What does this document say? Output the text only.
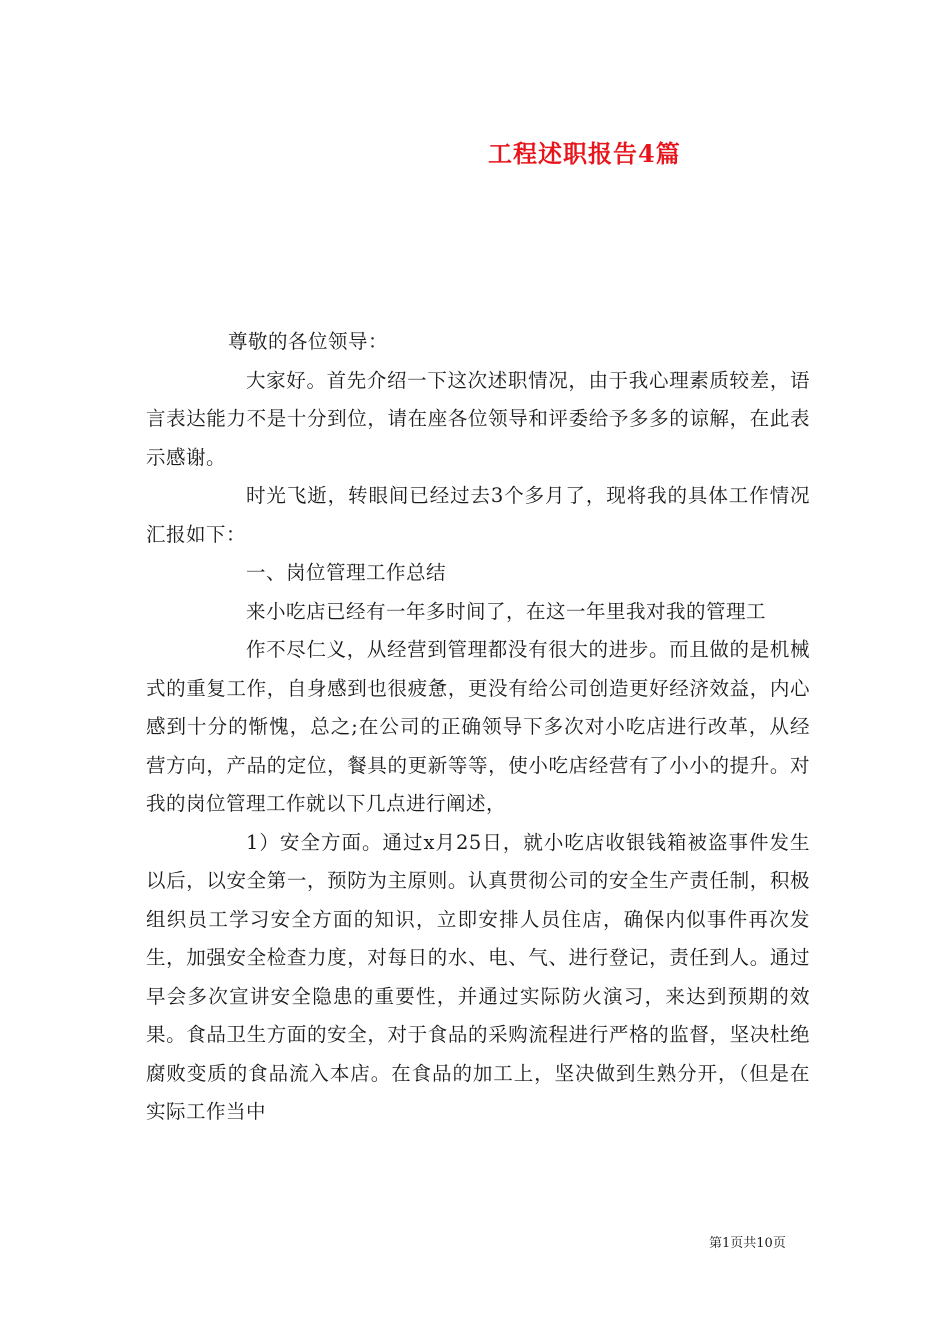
工程述职报告4篇

尊敬的各位领导：

大家好。首先介绍一下这次述职情况，由于我心理素质较差，语言表达能力不是十分到位，请在座各位领导和评委给予多多的谅解，在此表示感谢。

时光飞逝，转眼间已经过去3个多月了，现将我的具体工作情况汇报如下：

一、岗位管理工作总结

来小吃店已经有一年多时间了，在这一年里我对我的管理工

作不尽仁义，从经营到管理都没有很大的进步。而且做的是机械式的重复工作，自身感到也很疲惫，更没有给公司创造更好经济效益，内心感到十分的惭愧，总之;在公司的正确领导下多次对小吃店进行改革，从经营方向，产品的定位，餐具的更新等等，使小吃店经营有了小小的提升。对我的岗位管理工作就以下几点进行阐述，

1）安全方面。通过x月25日，就小吃店收银钱箱被盗事件发生以后，以安全第一，预防为主原则。认真贯彻公司的安全生产责任制，积极组织员工学习安全方面的知识，立即安排人员住店，确保内似事件再次发生，加强安全检查力度，对每日的水、电、气、进行登记，责任到人。通过早会多次宣讲安全隐患的重要性，并通过实际防火演习，来达到预期的效果。食品卫生方面的安全，对于食品的采购流程进行严格的监督，坚决杜绝腐败变质的食品流入本店。在食品的加工上，坚决做到生熟分开，（但是在实际工作当中

第1页共10页
